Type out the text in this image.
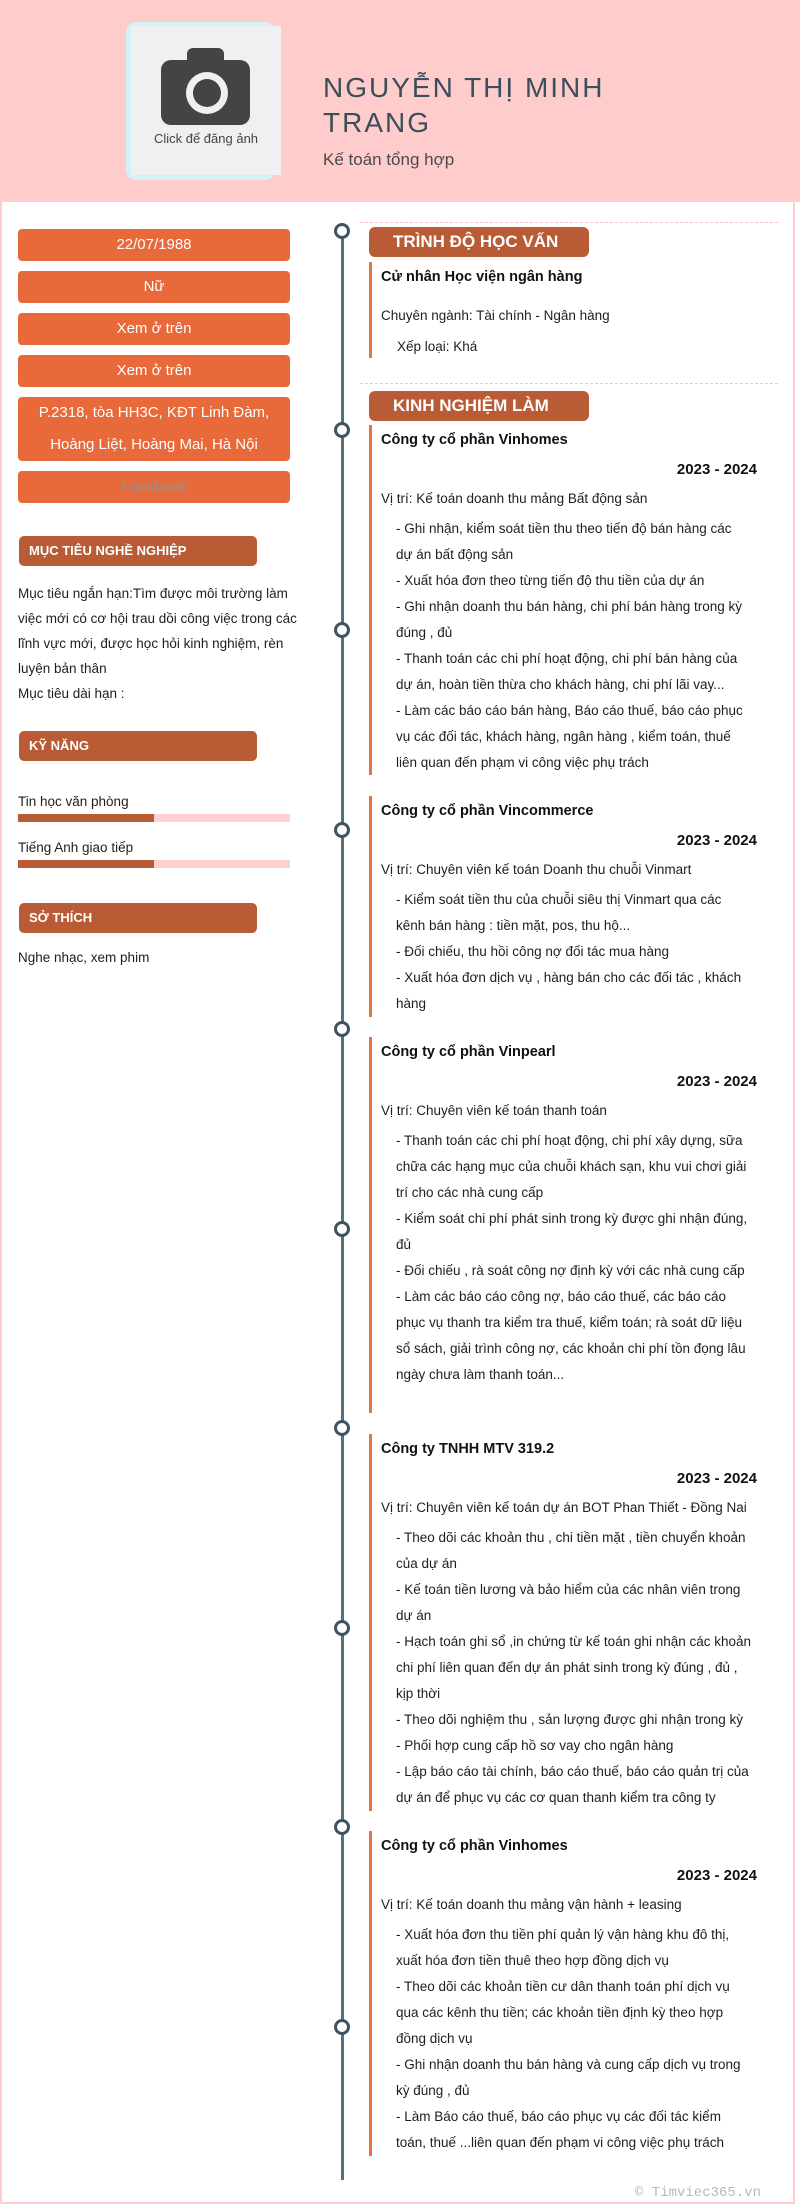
Click để đăng ảnh
NGUYỄN THỊ MINH TRANG
Kế toán tổng hợp
22/07/1988
Nữ
Xem ở trên
Xem ở trên
P.2318, tòa HH3C, KĐT Linh Đàm,
Hoàng Liệt, Hoàng Mai, Hà Nội
Facebook
MỤC TIÊU NGHỀ NGHIỆP
Mục tiêu ngắn hạn:Tìm được môi trường làm
việc mới có cơ hội trau dồi công việc trong các
lĩnh vực mới, được học hỏi kinh nghiệm, rèn
luyện bản thân
Mục tiêu dài hạn :
KỸ NĂNG
Tin học văn phòng
Tiếng Anh giao tiếp
SỞ THÍCH
Nghe nhạc, xem phim
TRÌNH ĐỘ HỌC VẤN
Cử nhân Học viện ngân hàng
Chuyên ngành: Tài chính - Ngân hàng
Xếp loại: Khá
KINH NGHIỆM LÀM
Công ty cổ phần Vinhomes
2023 - 2024
Vị trí: Kế toán doanh thu mảng Bất động sản
- Ghi nhận, kiểm soát tiền thu theo tiến độ bán hàng các
dự án bất động sản
- Xuất hóa đơn theo từng tiến độ thu tiền của dự án
- Ghi nhận doanh thu bán hàng, chi phí bán hàng trong kỳ
đúng , đủ
- Thanh toán các chi phí hoạt động, chi phí bán hàng của
dự án, hoàn tiền thừa cho khách hàng, chi phí lãi vay...
- Làm các báo cáo bán hàng, Báo cáo thuế, báo cáo phục
vụ các đối tác, khách hàng, ngân hàng , kiểm toán, thuế
liên quan đến phạm vi công việc phụ trách
Công ty cổ phần Vincommerce
2023 - 2024
Vị trí: Chuyên viên kế toán Doanh thu chuỗi Vinmart
- Kiểm soát tiền thu của chuỗi siêu thị Vinmart qua các
kênh bán hàng : tiền mặt, pos, thu hộ...
- Đối chiếu, thu hồi công nợ đối tác mua hàng
- Xuất hóa đơn dịch vụ , hàng bán cho các đối tác , khách
hàng
Công ty cổ phần Vinpearl
2023 - 2024
Vị trí: Chuyên viên kế toán thanh toán
- Thanh toán các chi phí hoạt động, chi phí xây dựng, sữa
chữa các hạng mục của chuỗi khách sạn, khu vui chơi giải
trí cho các nhà cung cấp
- Kiểm soát chi phí phát sinh trong kỳ được ghi nhận đúng,
đủ
- Đối chiếu , rà soát công nợ định kỳ với các nhà cung cấp
- Làm các báo cáo công nợ, báo cáo thuế, các báo cáo
phục vụ thanh tra kiểm tra thuế, kiểm toán; rà soát dữ liệu
sổ sách, giải trình công nợ, các khoản chi phí tồn đọng lâu
ngày chưa làm thanh toán...
Công ty TNHH MTV 319.2
2023 - 2024
Vị trí: Chuyên viên kế toán dự án BOT Phan Thiết - Đồng Nai
- Theo dõi các khoản thu , chi tiền mặt , tiền chuyển khoản
của dự án
- Kế toán tiền lương và bảo hiểm của các nhân viên trong
dự án
- Hạch toán ghi sổ ,in chứng từ kế toán ghi nhận các khoản
chi phí liên quan đến dự án phát sinh trong kỳ đúng , đủ ,
kịp thời
- Theo dõi nghiệm thu , sản lượng được ghi nhận trong kỳ
- Phối hợp cung cấp hồ sơ vay cho ngân hàng
- Lập báo cáo tài chính, báo cáo thuế, báo cáo quản trị của
dự án để phục vụ các cơ quan thanh kiểm tra công ty
Công ty cổ phần Vinhomes
2023 - 2024
Vị trí: Kế toán doanh thu mảng vận hành + leasing
- Xuất hóa đơn thu tiền phí quản lý vận hàng khu đô thị,
xuất hóa đơn tiền thuê theo hợp đồng dịch vụ
- Theo dõi các khoản tiền cư dân thanh toán phí dịch vụ
qua các kênh thu tiền; các khoản tiền định kỳ theo hợp
đồng dịch vụ
- Ghi nhận doanh thu bán hàng và cung cấp dịch vụ trong
kỳ đúng , đủ
- Làm Báo cáo thuế, báo cáo phục vụ các đối tác kiểm
toán, thuế ...liên quan đến phạm vi công việc phụ trách
© Timviec365.vn
